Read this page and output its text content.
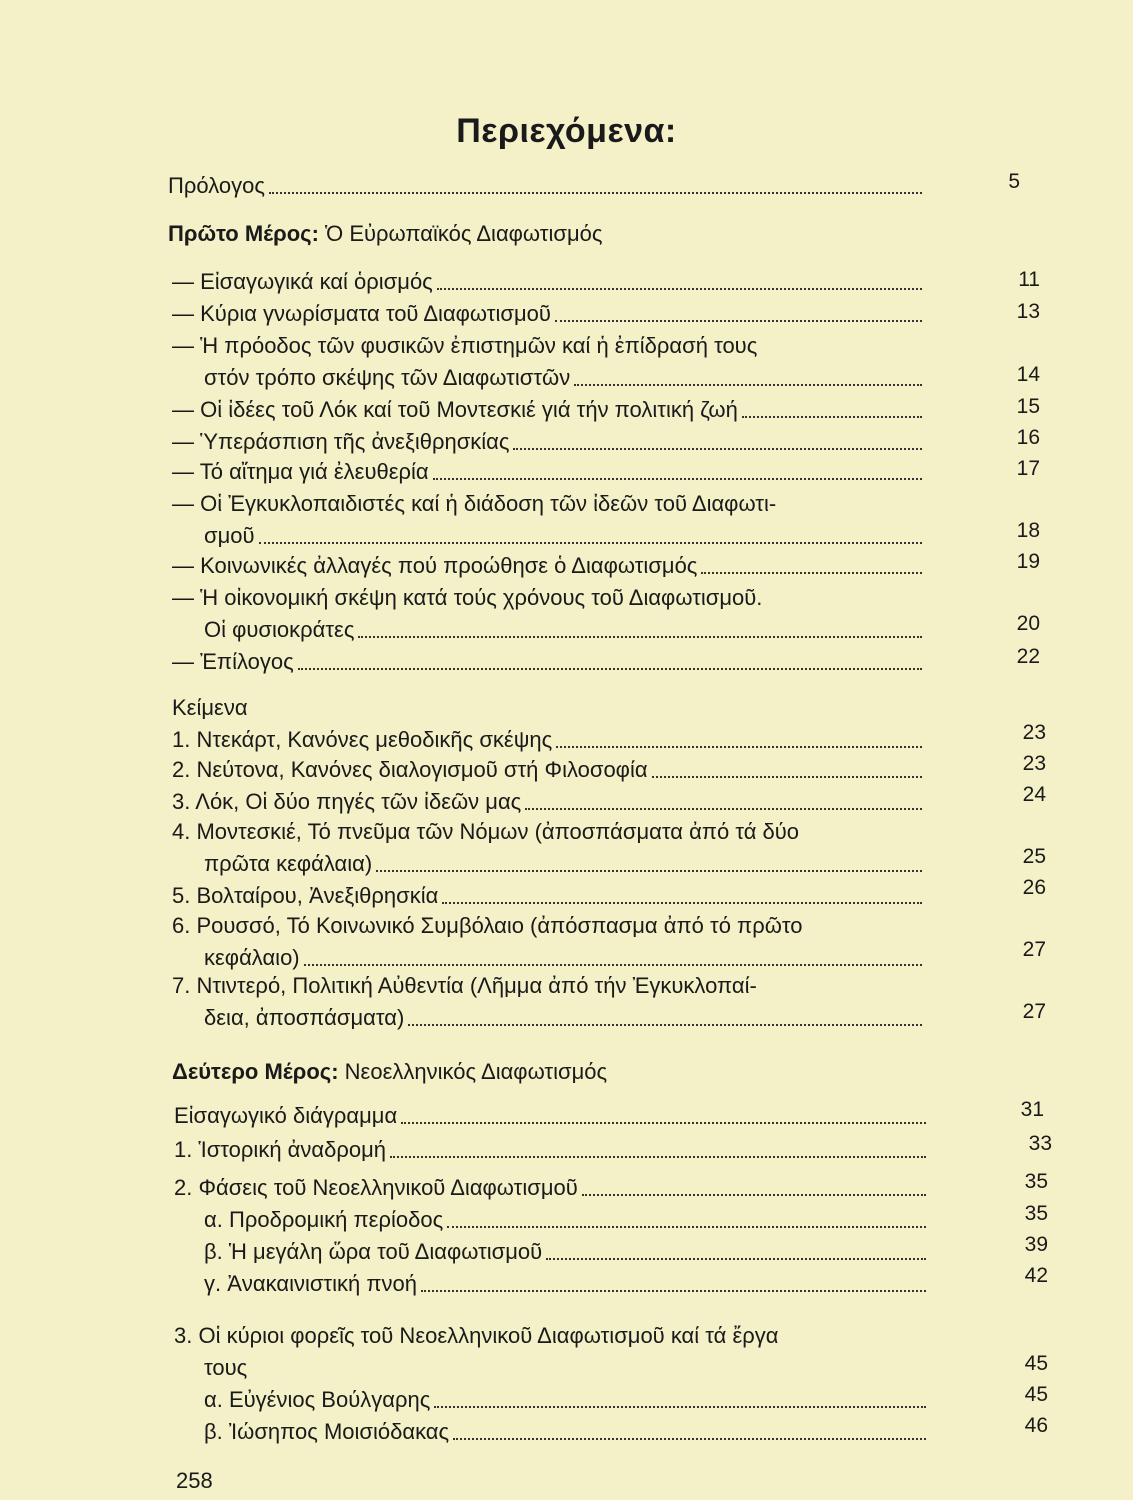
Περιεχόμενα:
Πρόλογος	5
Πρῶτο Μέρος: Ὁ Εὐρωπαϊκός Διαφωτισμός
— Εἰσαγωγικά καί ὁρισμός	11
— Κύρια γνωρίσματα τοῦ Διαφωτισμοῦ	13
— Ἡ πρόοδος τῶν φυσικῶν ἐπιστημῶν καί ἡ ἐπίδρασή τους
στόν τρόπο σκέψης τῶν Διαφωτιστῶν	14
— Οἱ ἰδέες τοῦ Λόκ καί τοῦ Μοντεσκιέ γιά τήν πολιτική ζωή	15
— Ὑπεράσπιση τῆς ἀνεξιθρησκίας	16
— Τό αἴτημα γιά ἐλευθερία	17
— Οἱ Ἐγκυκλοπαιδιστές καί ἡ διάδοση τῶν ἰδεῶν τοῦ Διαφωτι-
σμοῦ	18
— Κοινωνικές ἀλλαγές πού προώθησε ὁ Διαφωτισμός	19
— Ἡ οἰκονομική σκέψη κατά τούς χρόνους τοῦ Διαφωτισμοῦ.
Οἱ φυσιοκράτες	20
— Ἐπίλογος	22
Κείμενα
1. Ντεκάρτ, Κανόνες μεθοδικῆς σκέψης	23
2. Νεύτονα, Κανόνες διαλογισμοῦ στή Φιλοσοφία	23
3. Λόκ, Οἱ δύο πηγές τῶν ἰδεῶν μας	24
4. Μοντεσκιέ, Τό πνεῦμα τῶν Νόμων (ἀποσπάσματα ἀπό τά δύο
πρῶτα κεφάλαια)	25
5. Βολταίρου, Ἀνεξιθρησκία	26
6. Ρουσσό, Τό Κοινωνικό Συμβόλαιο (ἀπόσπασμα ἀπό τό πρῶτο
κεφάλαιο)	27
7. Ντιντερό, Πολιτική Αὐθεντία (Λῆμμα ἀπό τήν Ἐγκυκλοπαί-
δεια, ἀποσπάσματα)	27
Δεύτερο Μέρος: Νεοελληνικός Διαφωτισμός
Εἰσαγωγικό διάγραμμα	31
1. Ἱστορική ἀναδρομή	33
2. Φάσεις τοῦ Νεοελληνικοῦ Διαφωτισμοῦ	35
α. Προδρομική περίοδος	35
β. Ἡ μεγάλη ὥρα τοῦ Διαφωτισμοῦ	39
γ. Ἀνακαινιστική πνοή	42
3. Οἱ κύριοι φορεῖς τοῦ Νεοελληνικοῦ Διαφωτισμοῦ καί τά ἔργα
τους	45
α. Εὐγένιος Βούλγαρης	45
β. Ἰώσηπος Μοισιόδακας	46
258
